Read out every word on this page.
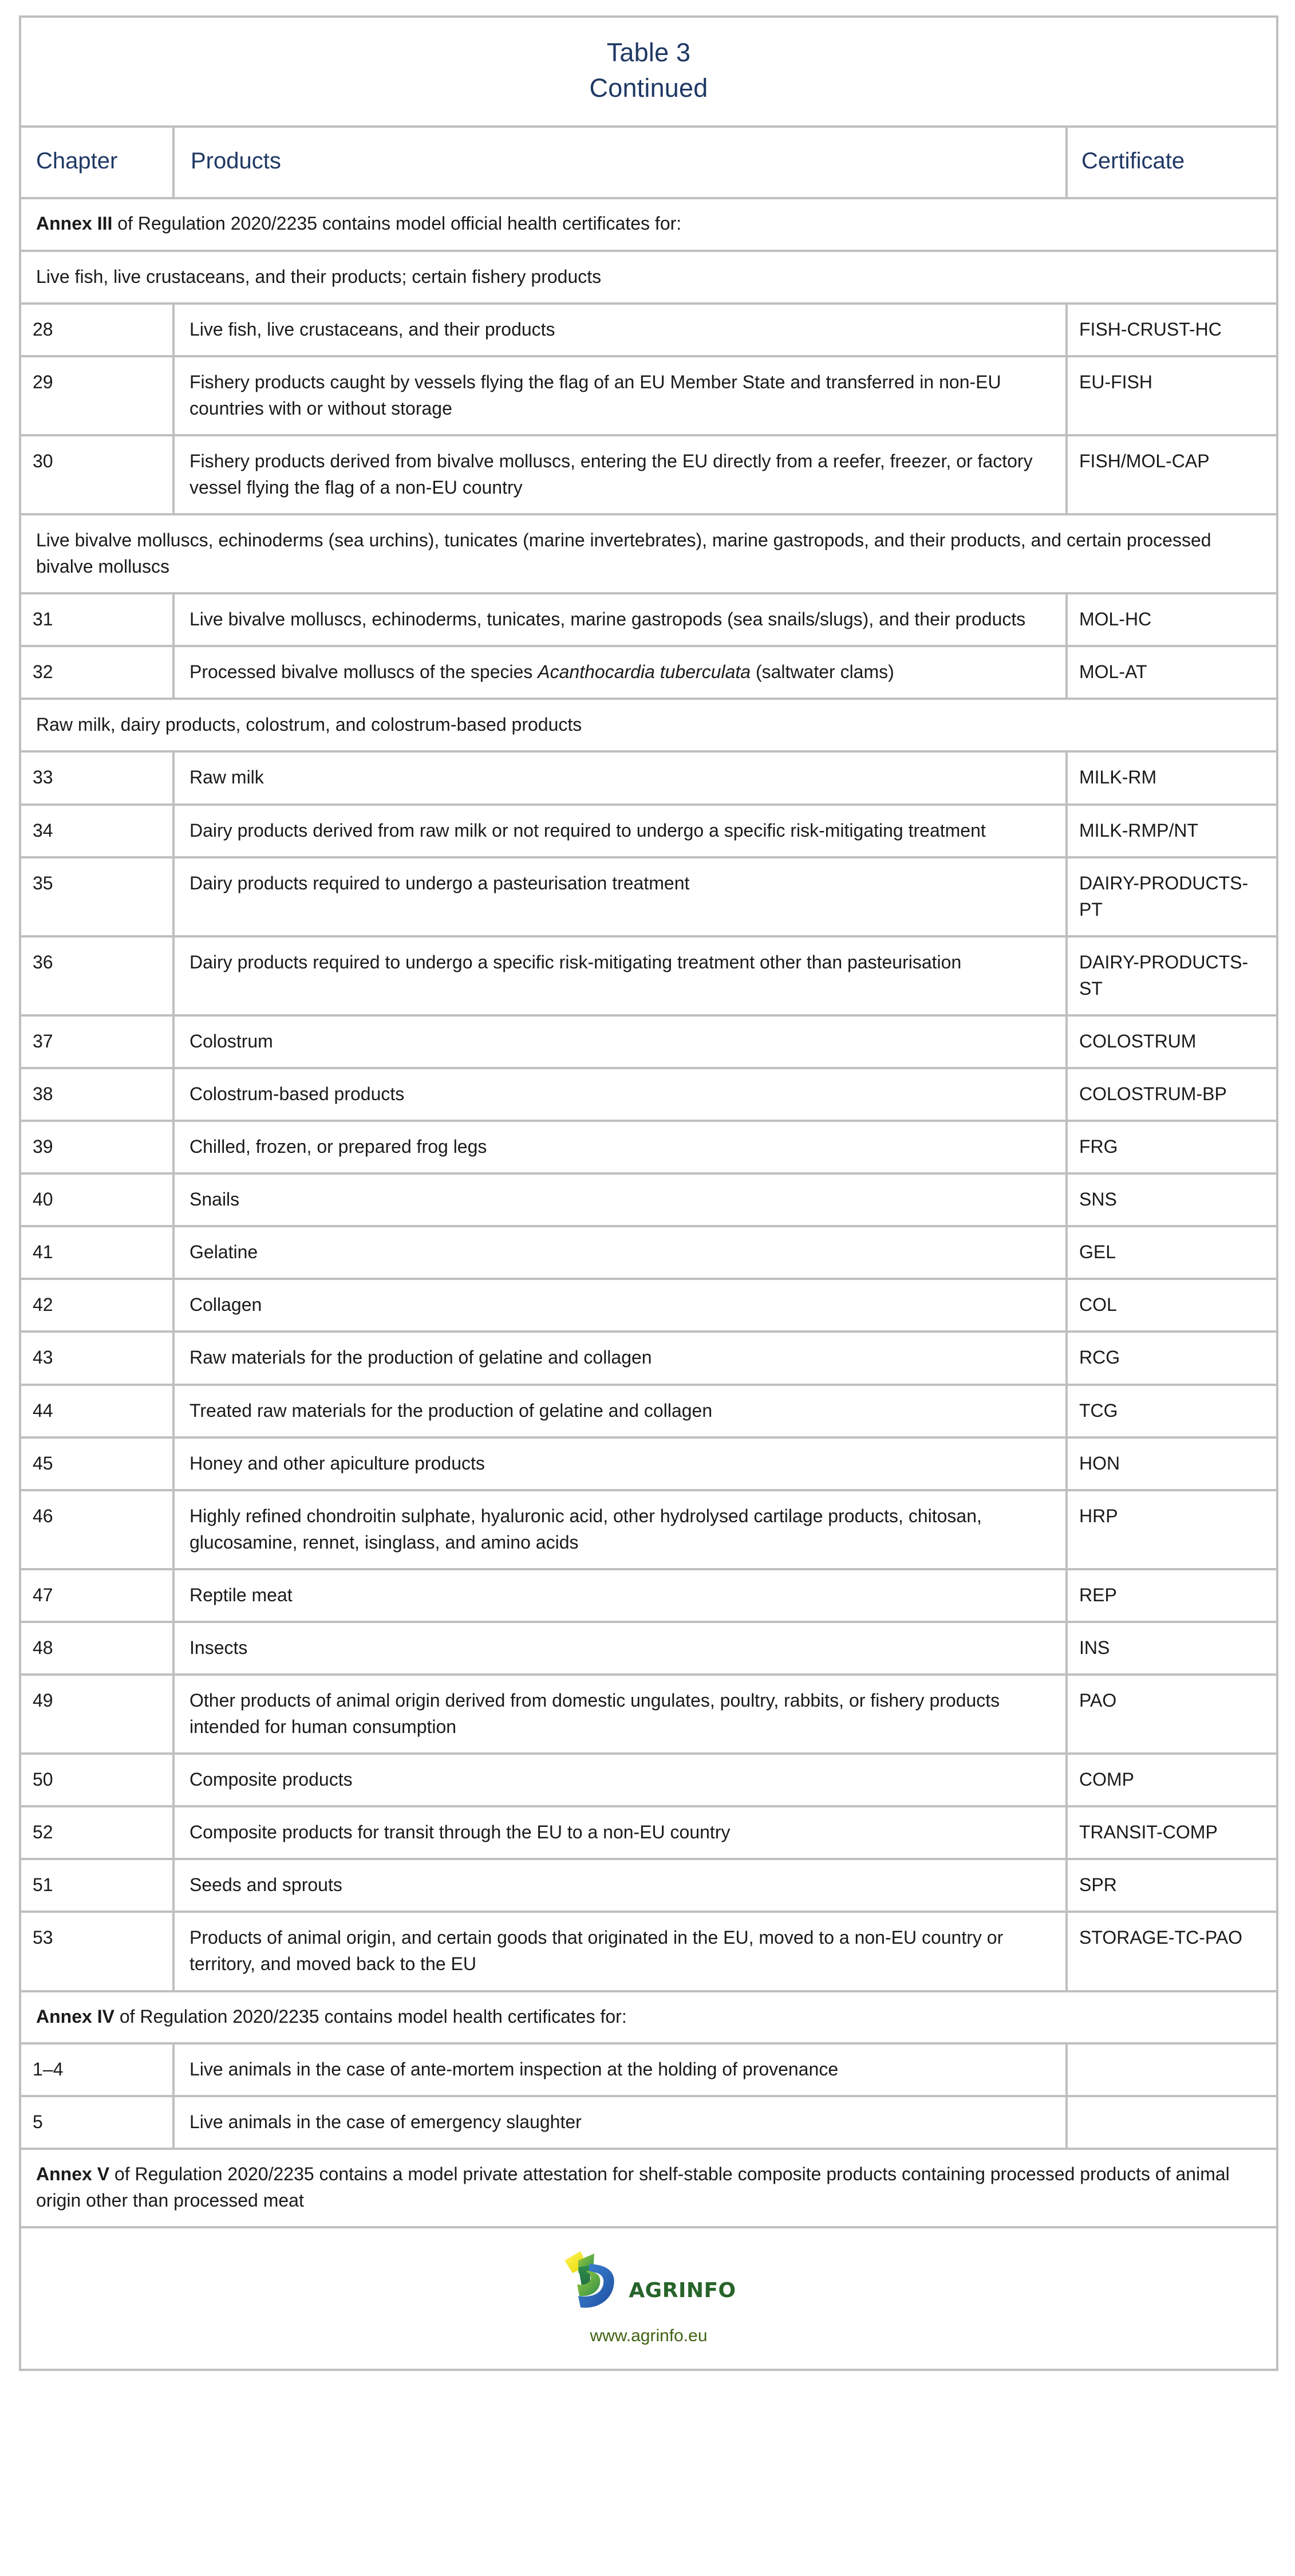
Table 3
Continued		

Chapter	Products	Certificate
Annex III of Regulation 2020/2235 contains model official health certificates for:		
Live fish, live crustaceans, and their products; certain fishery products		
28	Live fish, live crustaceans, and their products	FISH-CRUST-HC
29	Fishery products caught by vessels flying the flag of an EU Member State and transferred in non-EU countries with or without storage	EU-FISH
30	Fishery products derived from bivalve molluscs, entering the EU directly from a reefer, freezer, or factory vessel flying the flag of a non-EU country	FISH/MOL-CAP
Live bivalve molluscs, echinoderms (sea urchins), tunicates (marine invertebrates), marine gastropods, and their products, and certain processed bivalve molluscs		
31	Live bivalve molluscs, echinoderms, tunicates, marine gastropods (sea snails/slugs), and their products	MOL-HC
32	Processed bivalve molluscs of the species Acanthocardia tuberculata (saltwater clams)	MOL-AT
Raw milk, dairy products, colostrum, and colostrum-based products		
33	Raw milk	MILK-RM
34	Dairy products derived from raw milk or not required to undergo a specific risk-mitigating treatment	MILK-RMP/NT
35	Dairy products required to undergo a pasteurisation treatment	DAIRY-PRODUCTS-PT
36	Dairy products required to undergo a specific risk-mitigating treatment other than pasteurisation	DAIRY-PRODUCTS-ST
37	Colostrum	COLOSTRUM
38	Colostrum-based products	COLOSTRUM-BP
39	Chilled, frozen, or prepared frog legs	FRG
40	Snails	SNS
41	Gelatine	GEL
42	Collagen	COL
43	Raw materials for the production of gelatine and collagen	RCG
44	Treated raw materials for the production of gelatine and collagen	TCG
45	Honey and other apiculture products	HON
46	Highly refined chondroitin sulphate, hyaluronic acid, other hydrolysed cartilage products, chitosan, glucosamine, rennet, isinglass, and amino acids	HRP
47	Reptile meat	REP
48	Insects	INS
49	Other products of animal origin derived from domestic ungulates, poultry, rabbits, or fishery products intended for human consumption	PAO
50	Composite products	COMP
52	Composite products for transit through the EU to a non-EU country	TRANSIT-COMP
51	Seeds and sprouts	SPR
53	Products of animal origin, and certain goods that originated in the EU, moved to a non-EU country or territory, and moved back to the EU	STORAGE-TC-PAO
Annex IV of Regulation 2020/2235 contains model health certificates for:		
1–4	Live animals in the case of ante-mortem inspection at the holding of provenance	
5	Live animals in the case of emergency slaughter	
Annex V of Regulation 2020/2235 contains a model private attestation for shelf-stable composite products containing processed products of animal origin other than processed meat		

AGRINFO
www.agrinfo.eu		
